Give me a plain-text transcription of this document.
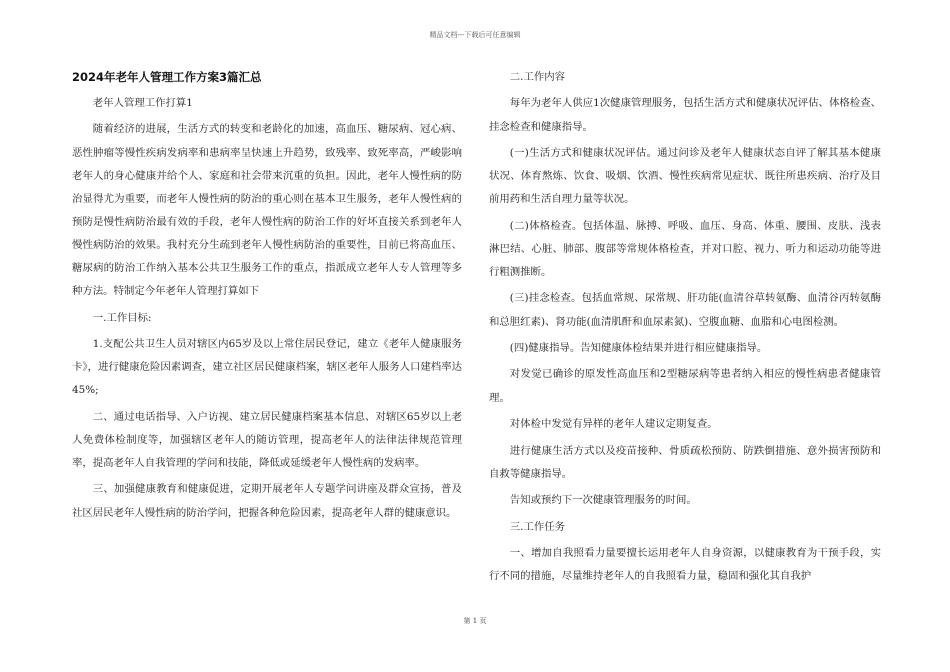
精品文档---下载后可任意编辑
2024年老年人管理工作方案3篇汇总

老年人管理工作打算1

随着经济的进展，生活方式的转变和老龄化的加速，高血压、糖尿病、冠心病、恶性肿瘤等慢性疾病发病率和患病率呈快速上升趋势，致残率、致死率高，严峻影响老年人的身心健康并给个人、家庭和社会带来沉重的负担。因此，老年人慢性病的防治显得尤为重要，而老年人慢性病的防治的重心则在基本卫生服务，老年人慢性病的预防是慢性病防治最有效的手段，老年人慢性病的防治工作的好坏直接关系到老年人慢性病防治的效果。我村充分生疏到老年人慢性病防治的重要性，目前已将高血压、糖尿病的防治工作纳入基本公共卫生服务工作的重点，指派成立老年人专人管理等多种方法。特制定今年老年人管理打算如下

一.工作目标:

1.支配公共卫生人员对辖区内65岁及以上常住居民登记，建立《老年人健康服务卡》，进行健康危险因素调查，建立社区居民健康档案，辖区老年人服务人口建档率达45%;

二、通过电话指导、入户访视、建立居民健康档案基本信息、对辖区65岁以上老人免费体检制度等，加强辖区老年人的随访管理，提高老年人的法律法律规范管理率，提高老年人自我管理的学问和技能，降低或延缓老年人慢性病的发病率。

三、加强健康教育和健康促进，定期开展老年人专题学问讲座及群众宣扬，普及社区居民老年人慢性病的防治学问，把握各种危险因素，提高老年人群的健康意识。

二.工作内容

每年为老年人供应1次健康管理服务，包括生活方式和健康状况评估、体格检查、挂念检查和健康指导。

(一)生活方式和健康状况评估。通过问诊及老年人健康状态自评了解其基本健康状况、体育熬炼、饮食、吸烟、饮酒、慢性疾病常见症状、既往所患疾病、治疗及目前用药和生活自理力量等状况。

(二)体格检查。包括体温、脉搏、呼吸、血压、身高、体重、腰围、皮肤、浅表淋巴结、心脏、肺部、腹部等常规体格检查，并对口腔、视力、听力和运动功能等进行粗测推断。

(三)挂念检查。包括血常规、尿常规、肝功能(血清谷草转氨酶、血清谷丙转氨酶和总胆红素)、肾功能(血清肌酐和血尿素氮)、空腹血糖、血脂和心电图检测。

(四)健康指导。告知健康体检结果并进行相应健康指导。

对发觉已确诊的原发性高血压和2型糖尿病等患者纳入相应的慢性病患者健康管理。

对体检中发觉有异样的老年人建议定期复查。

进行健康生活方式以及疫苗接种、骨质疏松预防、防跌倒措施、意外损害预防和自救等健康指导。

告知或预约下一次健康管理服务的时间。

三.工作任务

一、增加自我照看力量要擅长运用老年人自身资源，以健康教育为干预手段，实行不同的措施，尽量维持老年人的自我照看力量，稳固和强化其自我护

第 1 页
